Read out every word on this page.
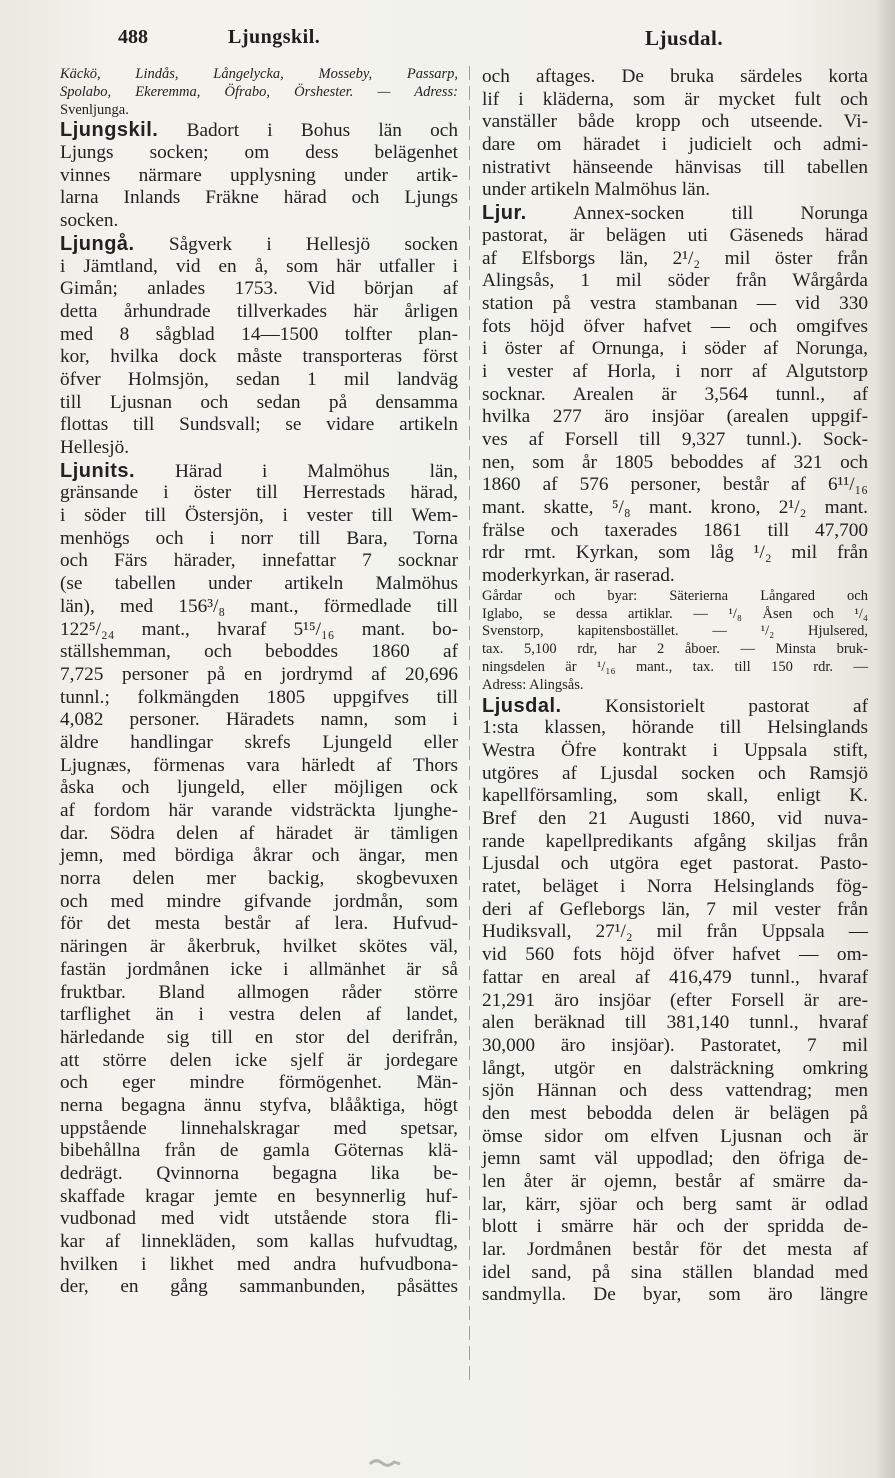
488	Ljungskil.	Ljusdal.
Käckö, Lindås, Långelycka, Mosseby, Passarp,
Spolabo, Ekeremma, Öfrabo, Örshester. — Adress:
Svenljunga.
Ljungskil. Badort i Bohus län och
Ljungs socken; om dess belägenhet
vinnes närmare upplysning under artik-
larna Inlands Fräkne härad och Ljungs
socken.
Ljungå. Sågverk i Hellesjö socken
i Jämtland, vid en å, som här utfaller i
Gimån; anlades 1753. Vid början af
detta århundrade tillverkades här årligen
med 8 sågblad 14—1500 tolfter plan-
kor, hvilka dock måste transporteras först
öfver Holmsjön, sedan 1 mil landväg
till Ljusnan och sedan på densamma
flottas till Sundsvall; se vidare artikeln
Hellesjö.
Ljunits. Härad i Malmöhus län,
gränsande i öster till Herrestads härad,
i söder till Östersjön, i vester till Wem-
menhögs och i norr till Bara, Torna
och Färs härader, innefattar 7 socknar
(se tabellen under artikeln Malmöhus
län), med 156³/₈ mant., förmedlade till
122⁵/₂₄ mant., hvaraf 5¹⁵/₁₆ mant. bo-
ställshemman, och beboddes 1860 af
7,725 personer på en jordrymd af 20,696
tunnl.; folkmängden 1805 uppgifves till
4,082 personer. Häradets namn, som i
äldre handlingar skrefs Ljungeld eller
Ljugnæs, förmenas vara härledt af Thors
åska och ljungeld, eller möjligen ock
af fordom här varande vidsträckta ljunghe-
dar. Södra delen af häradet är tämligen
jemn, med bördiga åkrar och ängar, men
norra delen mer backig, skogbevuxen
och med mindre gifvande jordmån, som
för det mesta består af lera. Hufvud-
näringen är åkerbruk, hvilket skötes väl,
fastän jordmånen icke i allmänhet är så
fruktbar. Bland allmogen råder större
tarflighet än i vestra delen af landet,
härledande sig till en stor del derifrån,
att större delen icke sjelf är jordegare
och eger mindre förmögenhet. Män-
nerna begagna ännu styfva, blååktiga, högt
uppstående linnehalskragar med spetsar,
bibehållna från de gamla Göternas klä-
dedrägt. Qvinnorna begagna lika be-
skaffade kragar jemte en besynnerlig huf-
vudbonad med vidt utstående stora fli-
kar af linnekläden, som kallas hufvudtag,
hvilken i likhet med andra hufvudbona-
der, en gång sammanbunden, påsättes
och aftages. De bruka särdeles korta
lif i kläderna, som är mycket fult och
vanställer både kropp och utseende. Vi-
dare om häradet i judicielt och admi-
nistrativt hänseende hänvisas till tabellen
under artikeln Malmöhus län.
Ljur. Annex-socken till Norunga
pastorat, är belägen uti Gäseneds härad
af Elfsborgs län, 2¹/₂ mil öster från
Alingsås, 1 mil söder från Wårgårda
station på vestra stambanan — vid 330
fots höjd öfver hafvet — och omgifves
i öster af Ornunga, i söder af Norunga,
i vester af Horla, i norr af Algutstorp
socknar. Arealen är 3,564 tunnl., af
hvilka 277 äro insjöar (arealen uppgif-
ves af Forsell till 9,327 tunnl.). Sock-
nen, som år 1805 beboddes af 321 och
1860 af 576 personer, består af 6¹¹/₁₆
mant. skatte, ⁵/₈ mant. krono, 2¹/₂ mant.
frälse och taxerades 1861 till 47,700
rdr rmt. Kyrkan, som låg ¹/₂ mil från
moderkyrkan, är raserad.
Gårdar och byar: Säterierna Långared och
Iglabo, se dessa artiklar. — ¹/₈ Åsen och ¹/₄
Svenstorp, kapitensbostället. — ¹/₂ Hjulsered,
tax. 5,100 rdr, har 2 åboer. — Minsta bruk-
ningsdelen är ¹/₁₆ mant., tax. till 150 rdr. —
Adress: Alingsås.
Ljusdal. Konsistorielt pastorat af
1:sta klassen, hörande till Helsinglands
Westra Öfre kontrakt i Uppsala stift,
utgöres af Ljusdal socken och Ramsjö
kapellförsamling, som skall, enligt K.
Bref den 21 Augusti 1860, vid nuva-
rande kapellpredikants afgång skiljas från
Ljusdal och utgöra eget pastorat. Pasto-
ratet, beläget i Norra Helsinglands fög-
deri af Gefleborgs län, 7 mil vester från
Hudiksvall, 27¹/₂ mil från Uppsala —
vid 560 fots höjd öfver hafvet — om-
fattar en areal af 416,479 tunnl., hvaraf
21,291 äro insjöar (efter Forsell är are-
alen beräknad till 381,140 tunnl., hvaraf
30,000 äro insjöar). Pastoratet, 7 mil
långt, utgör en dalsträckning omkring
sjön Hännan och dess vattendrag; men
den mest bebodda delen är belägen på
ömse sidor om elfven Ljusnan och är
jemn samt väl uppodlad; den öfriga de-
len åter är ojemn, består af smärre da-
lar, kärr, sjöar och berg samt är odlad
blott i smärre här och der spridda de-
lar. Jordmånen består för det mesta af
idel sand, på sina ställen blandad med
sandmylla. De byar, som äro längre
